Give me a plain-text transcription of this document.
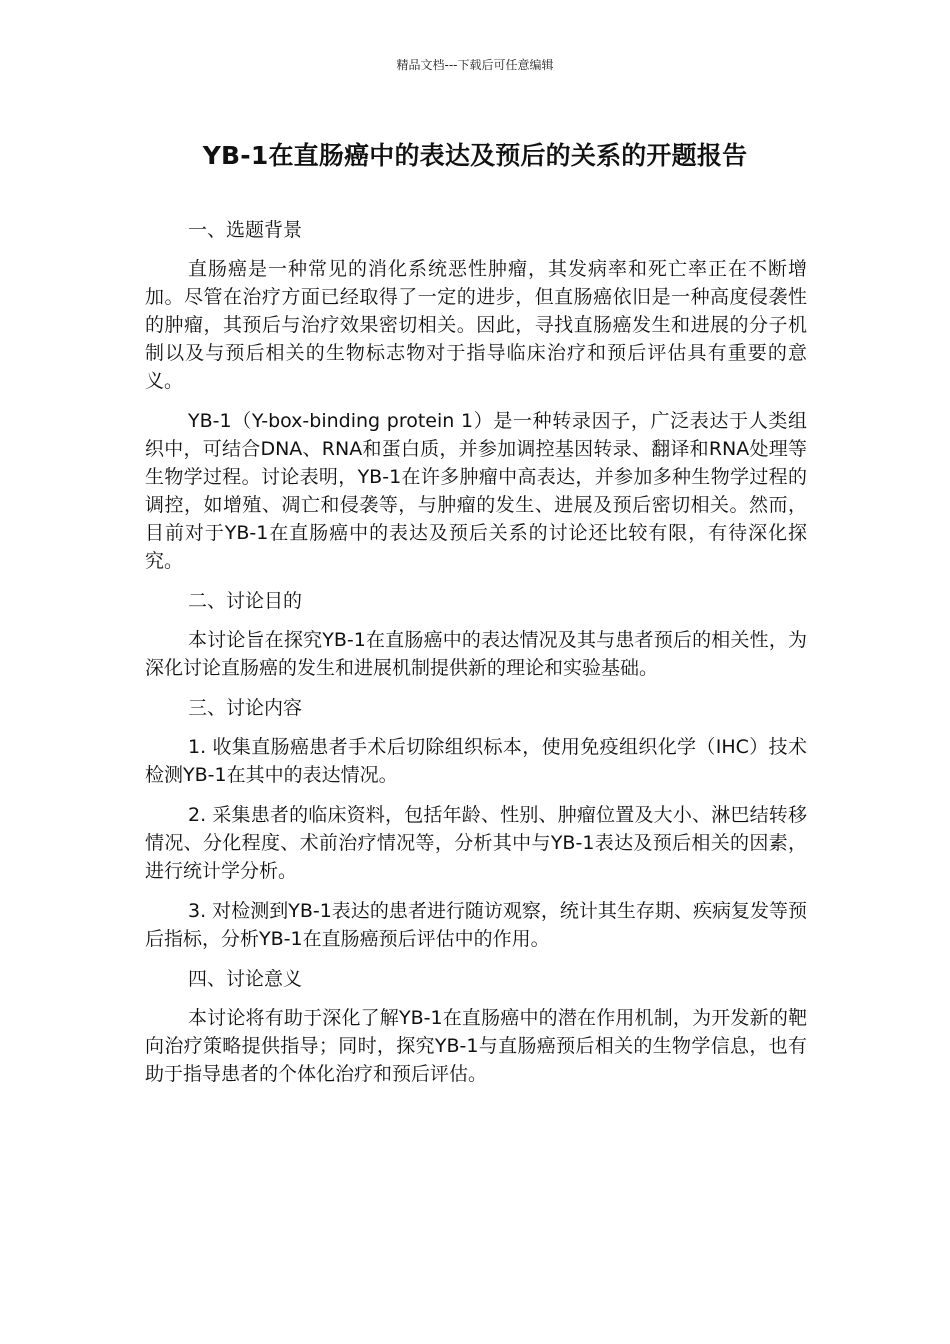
精品文档---下载后可任意编辑
YB-1在直肠癌中的表达及预后的关系的开题报告

一、选题背景

直肠癌是一种常见的消化系统恶性肿瘤，其发病率和死亡率正在不断增加。尽管在治疗方面已经取得了一定的进步，但直肠癌依旧是一种高度侵袭性的肿瘤，其预后与治疗效果密切相关。因此，寻找直肠癌发生和进展的分子机制以及与预后相关的生物标志物对于指导临床治疗和预后评估具有重要的意义。

YB-1（Y-box-binding protein 1）是一种转录因子，广泛表达于人类组织中，可结合DNA、RNA和蛋白质，并参加调控基因转录、翻译和RNA处理等生物学过程。讨论表明，YB-1在许多肿瘤中高表达，并参加多种生物学过程的调控，如增殖、凋亡和侵袭等，与肿瘤的发生、进展及预后密切相关。然而，目前对于YB-1在直肠癌中的表达及预后关系的讨论还比较有限，有待深化探究。

二、讨论目的

本讨论旨在探究YB-1在直肠癌中的表达情况及其与患者预后的相关性，为深化讨论直肠癌的发生和进展机制提供新的理论和实验基础。

三、讨论内容

1. 收集直肠癌患者手术后切除组织标本，使用免疫组织化学（IHC）技术检测YB-1在其中的表达情况。

2. 采集患者的临床资料，包括年龄、性别、肿瘤位置及大小、淋巴结转移情况、分化程度、术前治疗情况等，分析其中与YB-1表达及预后相关的因素，进行统计学分析。

3. 对检测到YB-1表达的患者进行随访观察，统计其生存期、疾病复发等预后指标，分析YB-1在直肠癌预后评估中的作用。

四、讨论意义

本讨论将有助于深化了解YB-1在直肠癌中的潜在作用机制，为开发新的靶向治疗策略提供指导；同时，探究YB-1与直肠癌预后相关的生物学信息，也有助于指导患者的个体化治疗和预后评估。
